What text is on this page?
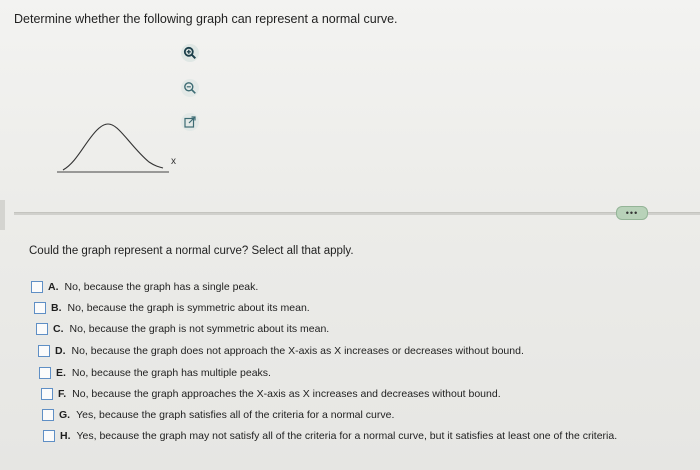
Determine whether the following graph can represent a normal curve.
x
•••
Could the graph represent a normal curve? Select all that apply.
A. No, because the graph has a single peak.
B. No, because the graph is symmetric about its mean.
C. No, because the graph is not symmetric about its mean.
D. No, because the graph does not approach the X-axis as X increases or decreases without bound.
E. No, because the graph has multiple peaks.
F. No, because the graph approaches the X-axis as X increases and decreases without bound.
G. Yes, because the graph satisfies all of the criteria for a normal curve.
H. Yes, because the graph may not satisfy all of the criteria for a normal curve, but it satisfies at least one of the criteria.
